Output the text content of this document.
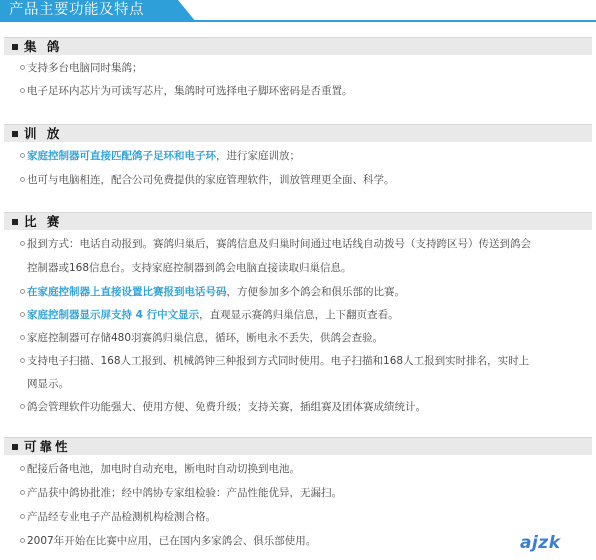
产品主要功能及特点
集 鸽
支持多台电脑同时集鸽；
电子足环内芯片为可读写芯片，集鸽时可选择电子脚环密码是否重置。
训 放
家庭控制器可直接匹配鸽子足环和电子环，进行家庭训放；
也可与电脑相连，配合公司免费提供的家庭管理软件，训放管理更全面、科学。
比 赛
报到方式：电话自动报到。赛鸽归巢后，赛鸽信息及归巢时间通过电话线自动拨号（支持跨区号）传送到鸽会
控制器或168信息台。支持家庭控制器到鸽会电脑直接读取归巢信息。
在家庭控制器上直接设置比赛报到电话号码，方便参加多个鸽会和俱乐部的比赛。
家庭控制器显示屏支持 4 行中文显示，直观显示赛鸽归巢信息，上下翻页查看。
家庭控制器可存储480羽赛鸽归巢信息，循环，断电永不丢失，供鸽会查验。
支持电子扫描、168人工报到、机械鸽钟三种报到方式同时使用。电子扫描和168人工报到实时排名，实时上
网显示。
鸽会管理软件功能强大、使用方便、免费升级；支持关赛，插组赛及团体赛成绩统计。
可靠性
配接后备电池，加电时自动充电，断电时自动切换到电池。
产品获中鸽协批准；经中鸽协专家组检验：产品性能优异，无漏扫。
产品经专业电子产品检测机构检测合格。
2007年开始在比赛中应用，已在国内多家鸽会、俱乐部使用。	ajzk
